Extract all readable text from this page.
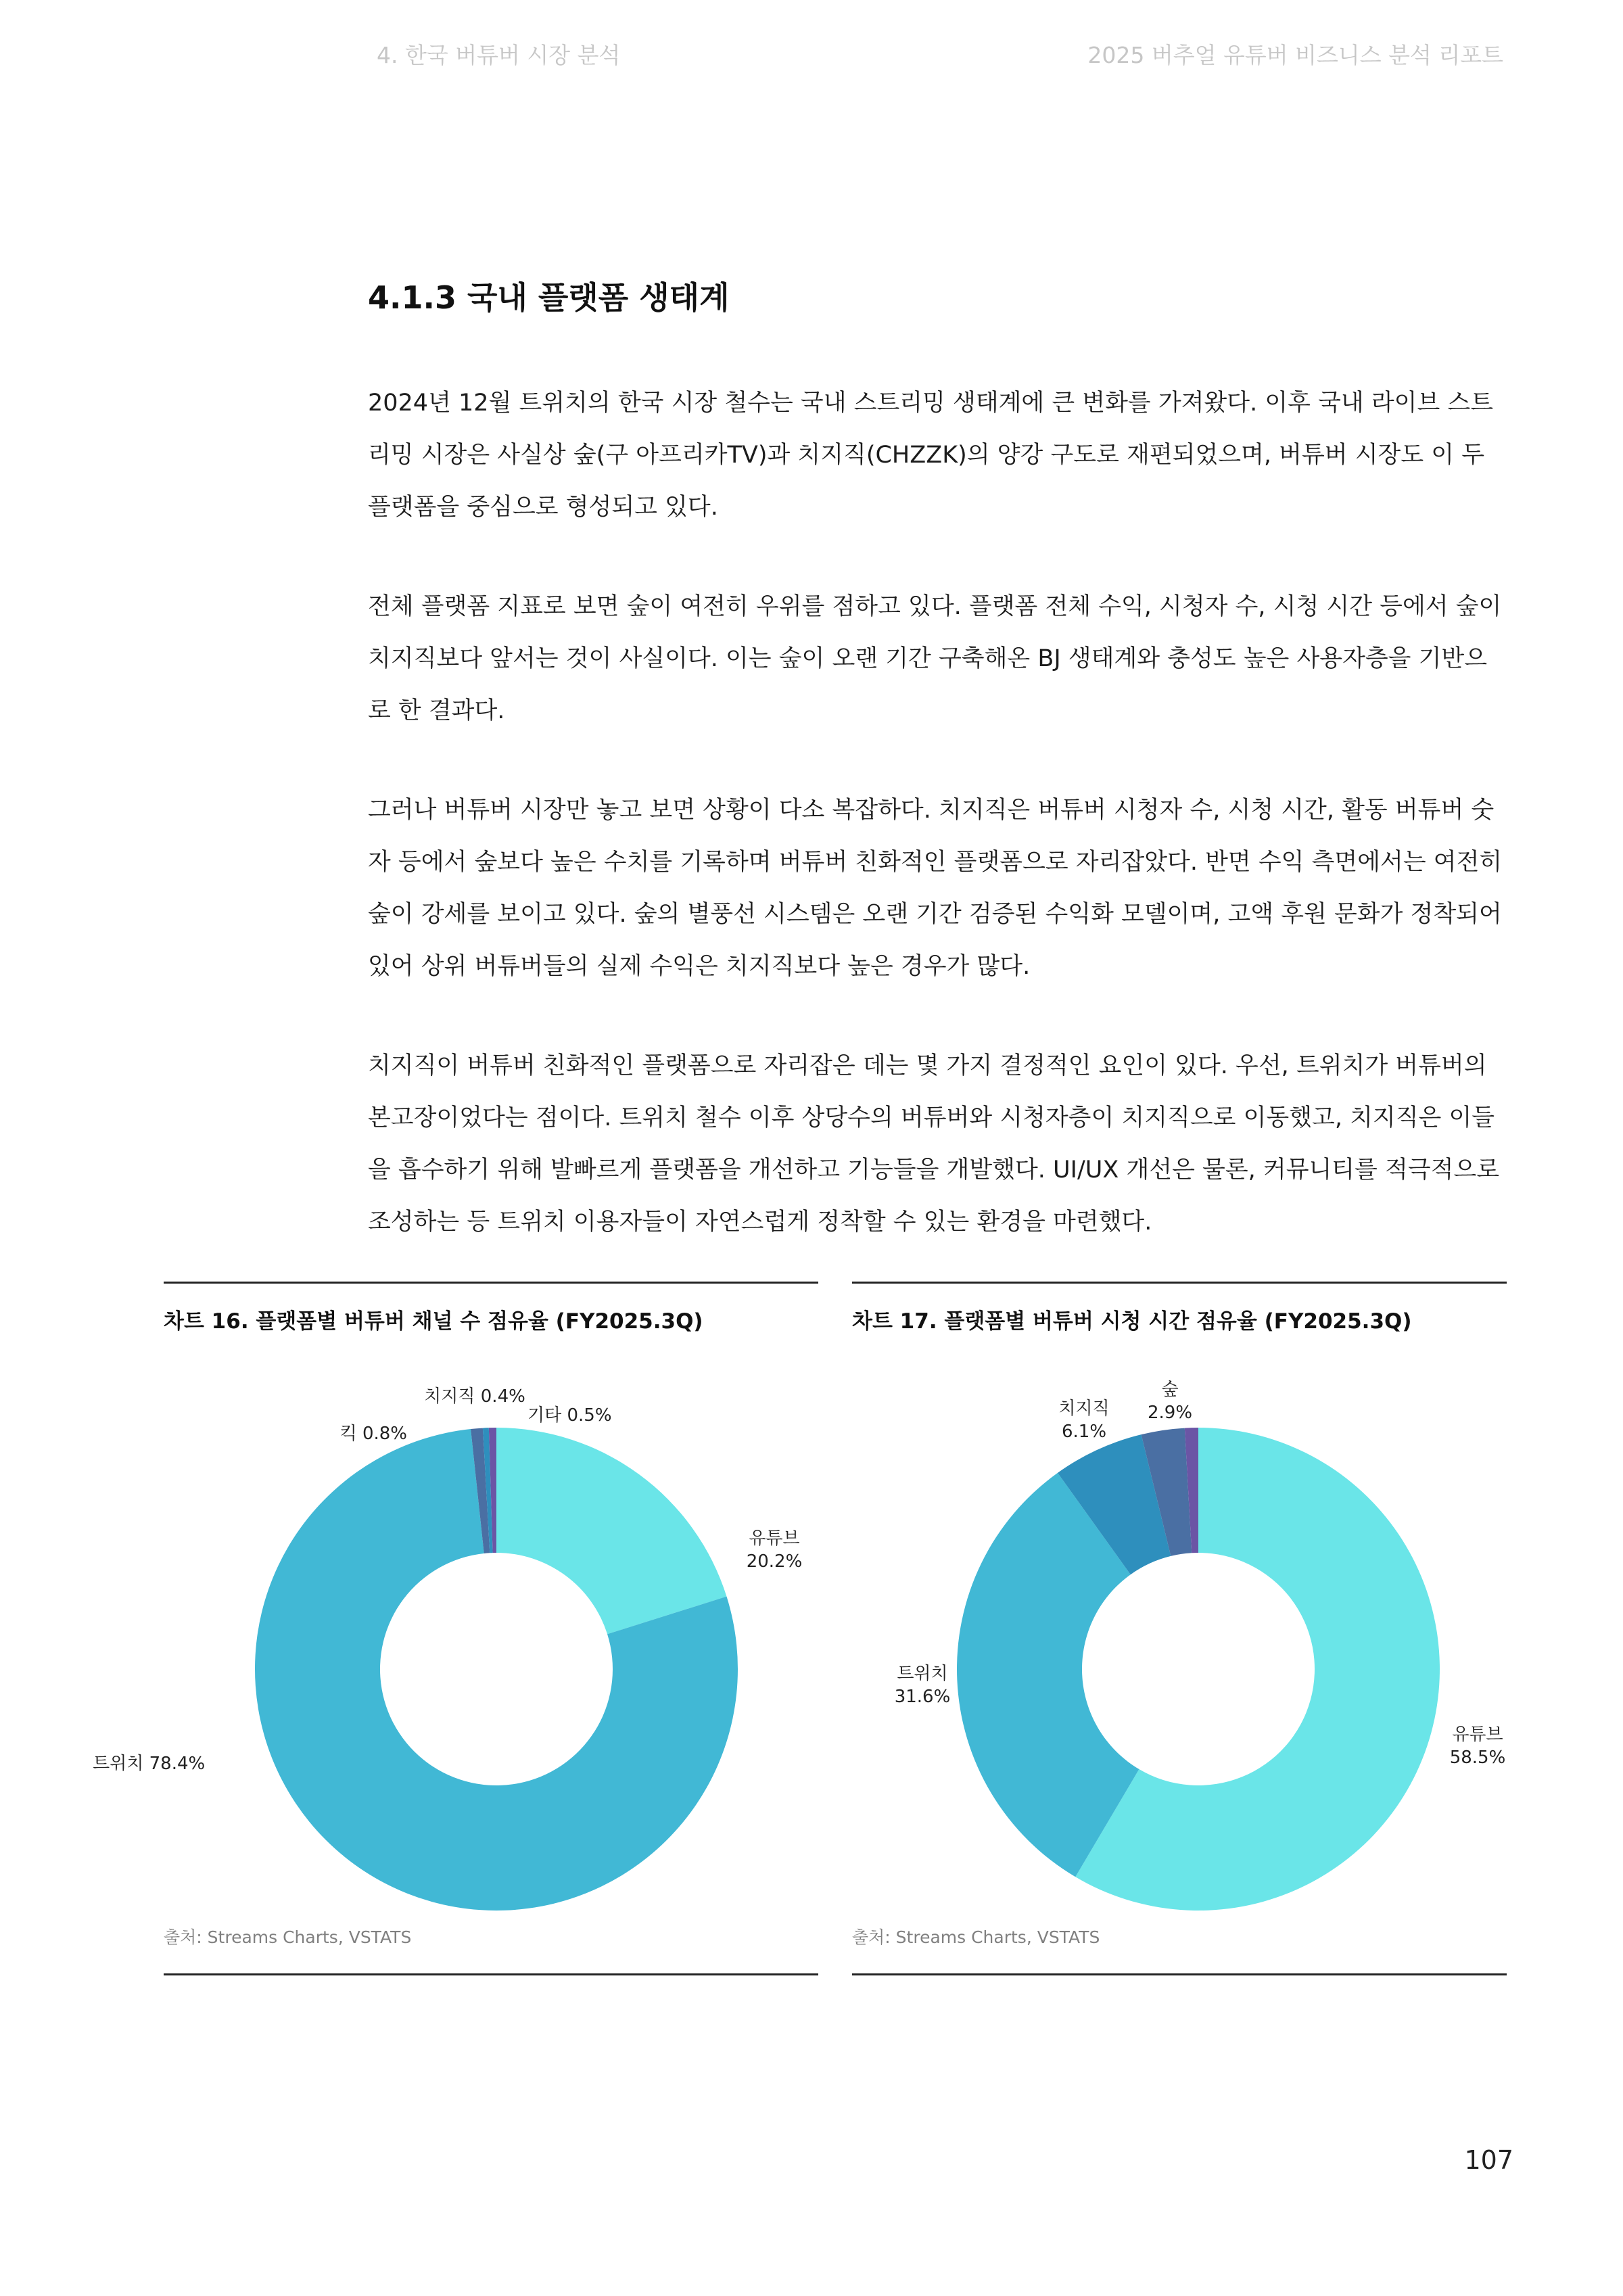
4. 한국 버튜버 시장 분석	2025 버추얼 유튜버 비즈니스 분석 리포트
4.1.3 국내 플랫폼 생태계

2024년 12월 트위치의 한국 시장 철수는 국내 스트리밍 생태계에 큰 변화를 가져왔다. 이후 국내 라이브 스트리밍 시장은 사실상 숲(구 아프리카TV)과 치지직(CHZZK)의 양강 구도로 재편되었으며, 버튜버 시장도 이 두 플랫폼을 중심으로 형성되고 있다.

전체 플랫폼 지표로 보면 숲이 여전히 우위를 점하고 있다. 플랫폼 전체 수익, 시청자 수, 시청 시간 등에서 숲이 치지직보다 앞서는 것이 사실이다. 이는 숲이 오랜 기간 구축해온 BJ 생태계와 충성도 높은 사용자층을 기반으로 한 결과다.

그러나 버튜버 시장만 놓고 보면 상황이 다소 복잡하다. 치지직은 버튜버 시청자 수, 시청 시간, 활동 버튜버 숫자 등에서 숲보다 높은 수치를 기록하며 버튜버 친화적인 플랫폼으로 자리잡았다. 반면 수익 측면에서는 여전히 숲이 강세를 보이고 있다. 숲의 별풍선 시스템은 오랜 기간 검증된 수익화 모델이며, 고액 후원 문화가 정착되어 있어 상위 버튜버들의 실제 수익은 치지직보다 높은 경우가 많다.

치지직이 버튜버 친화적인 플랫폼으로 자리잡은 데는 몇 가지 결정적인 요인이 있다. 우선, 트위치가 버튜버의 본고장이었다는 점이다. 트위치 철수 이후 상당수의 버튜버와 시청자층이 치지직으로 이동했고, 치지직은 이들을 흡수하기 위해 발빠르게 플랫폼을 개선하고 기능들을 개발했다. UI/UX 개선은 물론, 커뮤니티를 적극적으로 조성하는 등 트위치 이용자들이 자연스럽게 정착할 수 있는 환경을 마련했다.

차트 16. 플랫폼별 버튜버 채널 수 점유율 (FY2025.3Q)
유튜브 20.2%
트위치 78.4%
킥 0.8%
치지직 0.4%
기타 0.5%
출처: Streams Charts, VSTATS
차트 17. 플랫폼별 버튜버 시청 시간 점유율 (FY2025.3Q)
유튜브 58.5%
트위치 31.6%
치지직 6.1%
숲 2.9%
출처: Streams Charts, VSTATS
107
